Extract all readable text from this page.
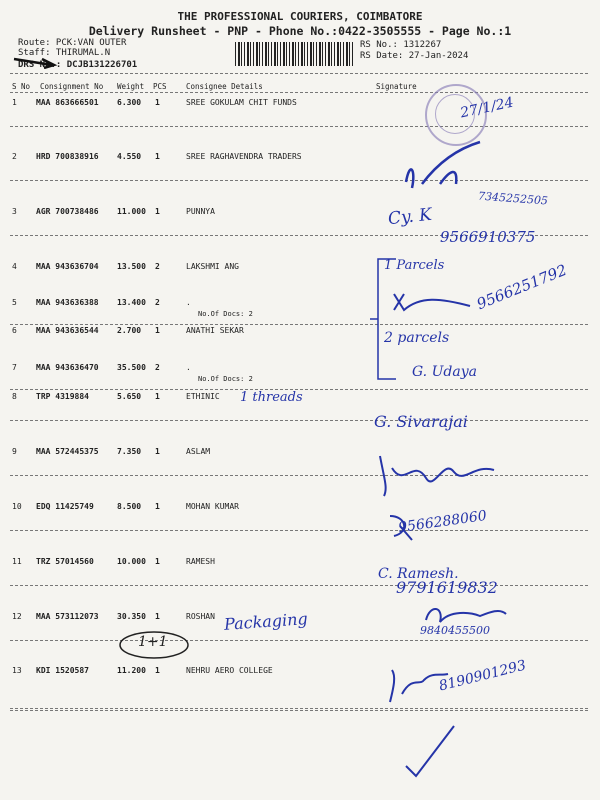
THE PROFESSIONAL COURIERS, COIMBATORE
Delivery Runsheet - PNP - Phone No.:0422-3505555 - Page No.:1
Route: PCK:VAN OUTER
Staff: THIRUMAL.N
DRS No.: DCJB131226701
RS No.: 1312267
RS Date: 27-Jan-2024
S No Consignment No Weight PCS	Consignee Details	Signature
1 MAA 863666501 6.300 1	SREE GOKULAM CHIT FUNDS
2 HRD 700838916 4.550 1	SREE RAGHAVENDRA TRADERS
3 AGR 700738486 11.000 1	PUNNYA
4 MAA 943636704 13.500 2	LAKSHMI ANG
5 MAA 943636388 13.400 2	.
No.Of Docs: 2
6 MAA 943636544 2.700 1	ANATHI SEKAR
7 MAA 943636470 35.500 2	.
No.Of Docs: 2
8 TRP 4319884	5.650 1	ETHINIC
9 MAA 572445375 7.350 1	ASLAM
10 EDQ 11425749	8.500 1	MOHAN KUMAR
11 TRZ 57014560	10.000 1	RAMESH
12 MAA 573112073 30.350 1	ROSHAN
13 KDI 1520587	11.200 1	NEHRU AERO COLLEGE
27/1/24
7345252505
Cy. K
9566910375
1 Parcels 9566251792
2 parcels
G. Udaya
1 threads
G. Sivarajai
9566288060
C. Ramesh.
9791619832
Packaging
1+1
9840455500
8190901293
